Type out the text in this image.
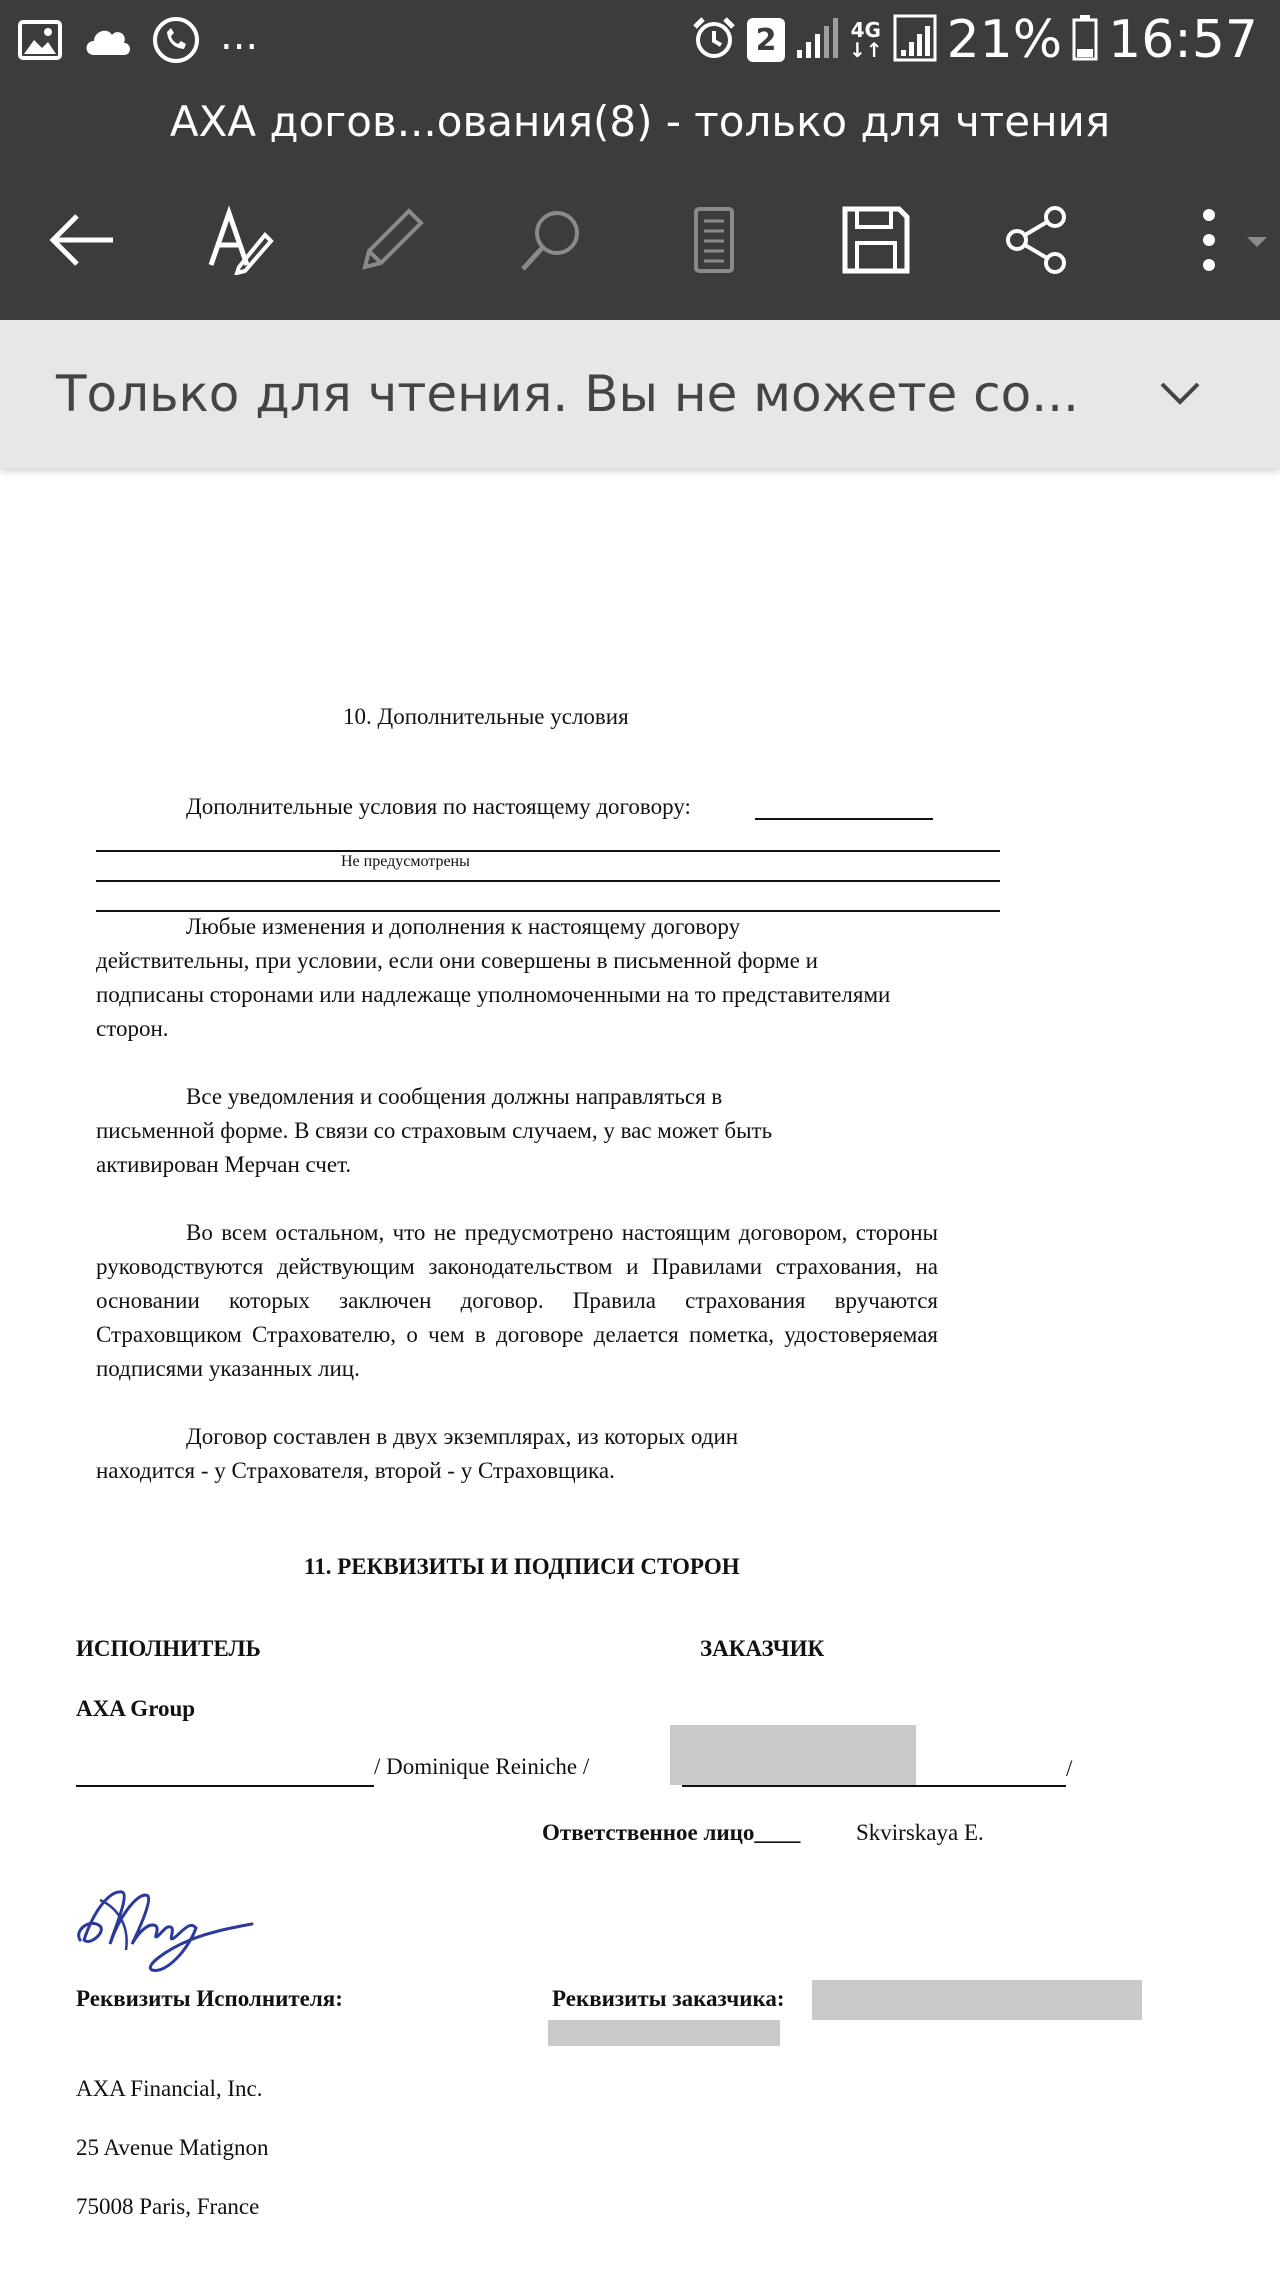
...	2	4G
↓↑ 21% 16:57
AXA догов...ования(8) - только для чтения
Только для чтения. Вы не можете со...
10. Дополнительные условия
Дополнительные условия по настоящему договору:
Не предусмотрены
Любые изменения и дополнения к настоящему договору действительны, при условии, если они совершены в письменной форме и подписаны сторонами или надлежаще уполномоченными на то представителями сторон.
Все уведомления и сообщения должны направляться в письменной форме. В связи со страховым случаем, у вас может быть активирован Мерчан счет.
Во всем остальном, что не предусмотрено настоящим договором, стороны руководствуются действующим законодательством и Правилами страхования, на основании которых заключен договор. Правила страхования вручаются Страховщиком Страхователю, о чем в договоре делается пометка, удостоверяемая подписями указанных лиц.
Договор составлен в двух экземплярах, из которых один находится - у Страхователя, второй - у Страховщика.
11. РЕКВИЗИТЫ И ПОДПИСИ СТОРОН
ИСПОЛНИТЕЛЬ	ЗАКАЗЧИК
AXA Group
/ Dominique Reiniche /	/
Ответственное лицо____ Skvirskaya E.
Реквизиты Исполнителя:	Реквизиты заказчика:
AXA Financial, Inc.
25 Avenue Matignon
75008 Paris, France
